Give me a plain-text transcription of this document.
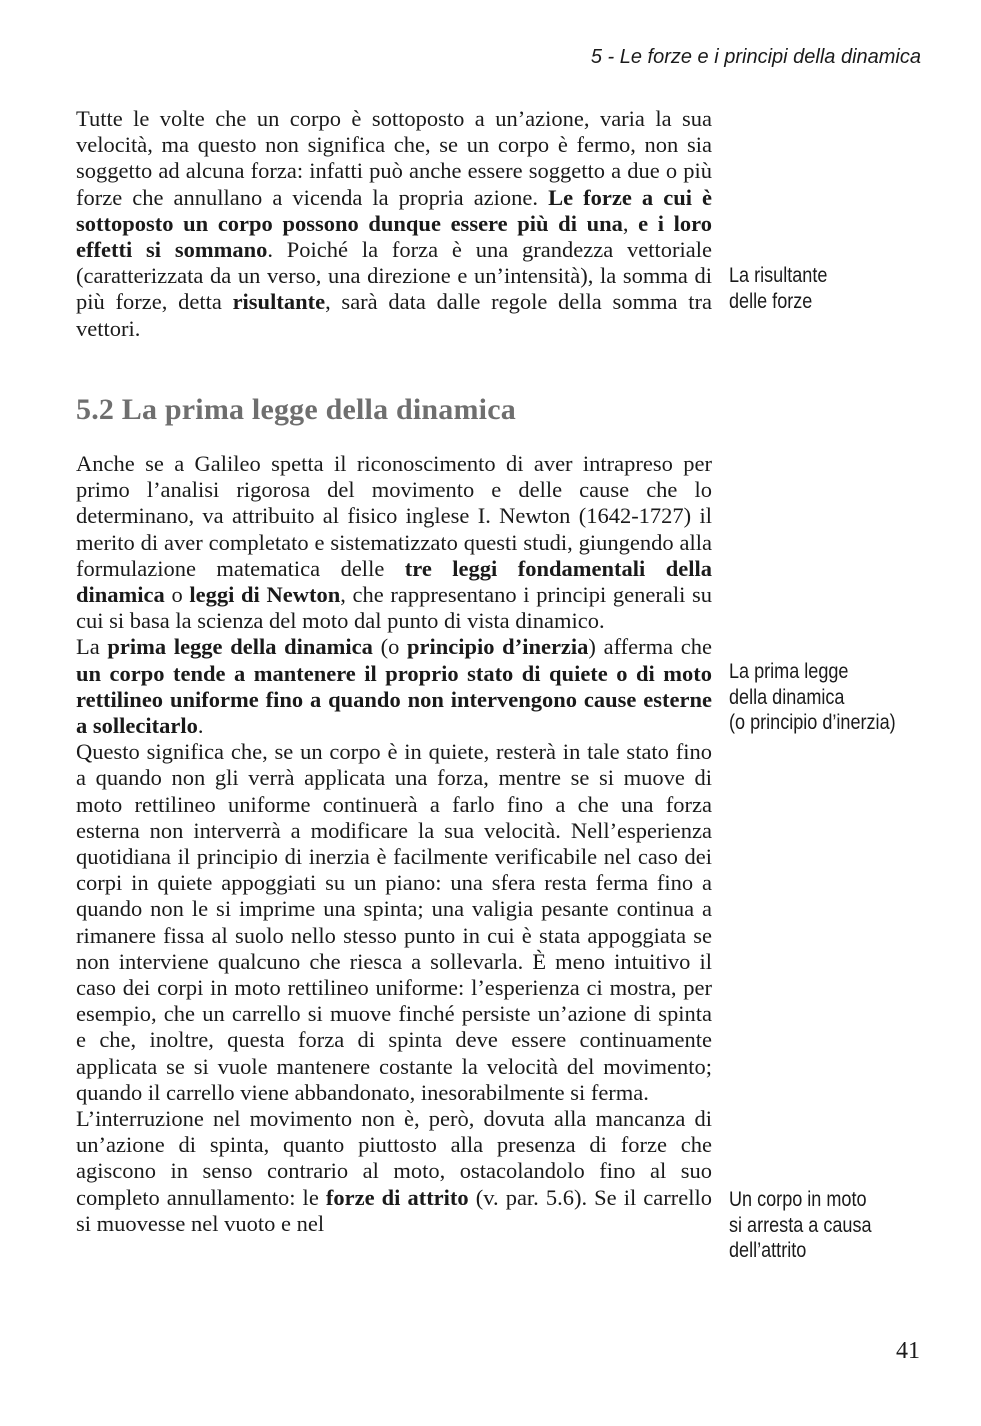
5 - Le forze e i principi della dinamica

Tutte le volte che un corpo è sottoposto a un’azione, varia la sua velocità, ma questo non significa che, se un corpo è fermo, non sia soggetto ad alcuna forza: infatti può anche essere soggetto a due o più forze che annullano a vicenda la propria azione. Le forze a cui è sottoposto un corpo possono dunque essere più di una, e i loro effetti si sommano. Poiché la forza è una grandezza vettoriale (caratterizzata da un verso, una direzione e un’intensità), la somma di più forze, detta risultante, sarà data dalle regole della somma tra vettori.

5.2 La prima legge della dinamica

Anche se a Galileo spetta il riconoscimento di aver intrapreso per primo l’analisi rigorosa del movimento e delle cause che lo determinano, va attribuito al fisico inglese I. Newton (1642-1727) il merito di aver completato e sistematizzato questi studi, giungendo alla formulazione matematica delle tre leggi fondamentali della dinamica o leggi di Newton, che rappresentano i principi generali su cui si basa la scienza del moto dal punto di vista dinamico.

La prima legge della dinamica (o principio d’inerzia) afferma che un corpo tende a mantenere il proprio stato di quiete o di moto rettilineo uniforme fino a quando non intervengono cause esterne a sollecitarlo.

Questo significa che, se un corpo è in quiete, resterà in tale stato fino a quando non gli verrà applicata una forza, mentre se si muove di moto rettilineo uniforme continuerà a farlo fino a che una forza esterna non interverrà a modificare la sua velocità. Nell’esperienza quotidiana il principio di inerzia è facilmente verificabile nel caso dei corpi in quiete appoggiati su un piano: una sfera resta ferma fino a quando non le si imprime una spinta; una valigia pesante continua a rimanere fissa al suolo nello stesso punto in cui è stata appoggiata se non interviene qualcuno che riesca a sollevarla. È meno intuitivo il caso dei corpi in moto rettilineo uniforme: l’esperienza ci mostra, per esempio, che un carrello si muove finché persiste un’azione di spinta e che, inoltre, questa forza di spinta deve essere continuamente applicata se si vuole mantenere costante la velocità del movimento; quando il carrello viene abbandonato, inesorabilmente si ferma.

L’interruzione nel movimento non è, però, dovuta alla mancanza di un’azione di spinta, quanto piuttosto alla presenza di forze che agiscono in senso contrario al moto, ostacolandolo fino al suo completo annullamento: le forze di attrito (v. par. 5.6). Se il carrello si muovesse nel vuoto e nel

La risultante
delle forze
La prima legge
della dinamica
(o principio d’inerzia)
Un corpo in moto
si arresta a causa
dell’attrito
41
